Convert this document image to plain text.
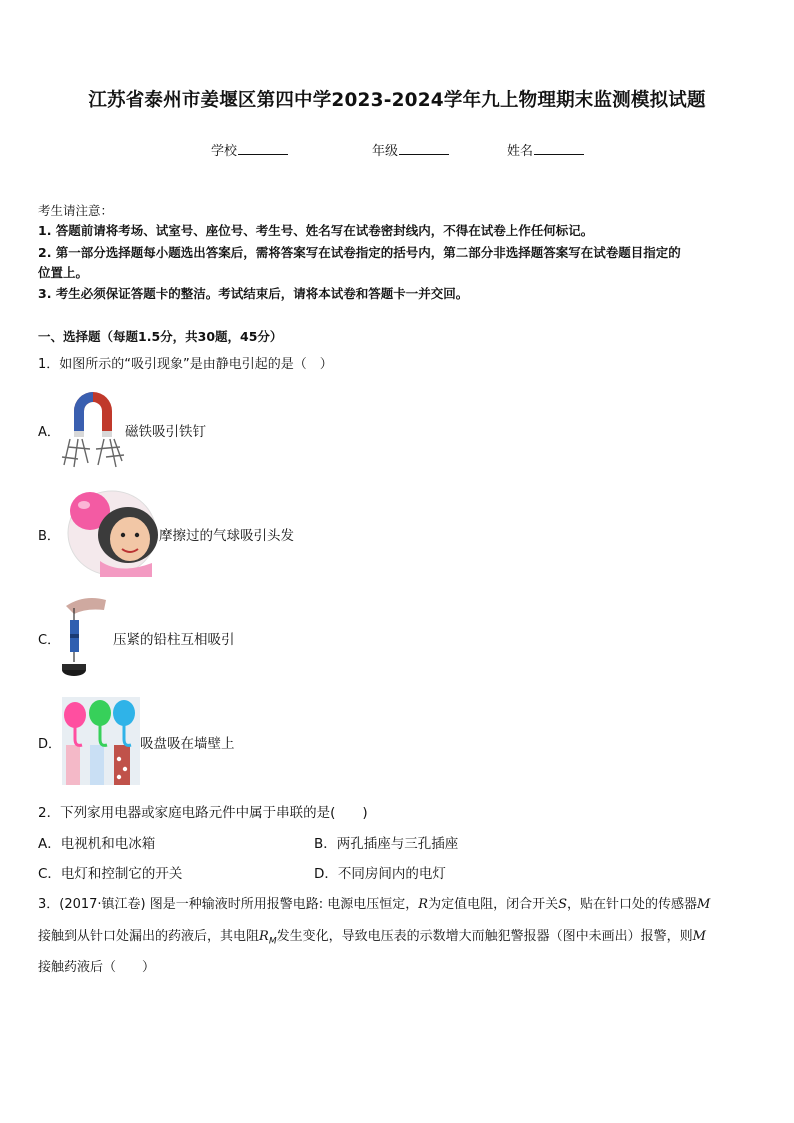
江苏省泰州市姜堰区第四中学2023-2024学年九上物理期末监测模拟试题
学校	年级	姓名
考生请注意：
1. 答题前请将考场、试室号、座位号、考生号、姓名写在试卷密封线内，不得在试卷上作任何标记。
2. 第一部分选择题每小题选出答案后，需将答案写在试卷指定的括号内，第二部分非选择题答案写在试卷题目指定的
位置上。
3. 考生必须保证答题卡的整洁。考试结束后，请将本试卷和答题卡一并交回。
一、选择题（每题1.5分，共30题，45分）
1．如图所示的“吸引现象”是由静电引起的是（　）
A．	磁铁吸引铁钉
B．	摩擦过的气球吸引头发
C．	压紧的铅柱互相吸引
D．	吸盘吸在墙壁上
2．下列家用电器或家庭电路元件中属于串联的是(　　)
A．电视机和电冰箱	B．两孔插座与三孔插座
C．电灯和控制它的开关	D．不同房间内的电灯
3．(2017·镇江卷) 图是一种输液时所用报警电路: 电源电压恒定，R为定值电阻，闭合开关S，贴在针口处的传感器M
接触到从针口处漏出的药液后，其电阻$R_M$发生变化，导致电压表的示数增大而触犯警报器（图中未画出）报警，则M
接触药液后（　　）
